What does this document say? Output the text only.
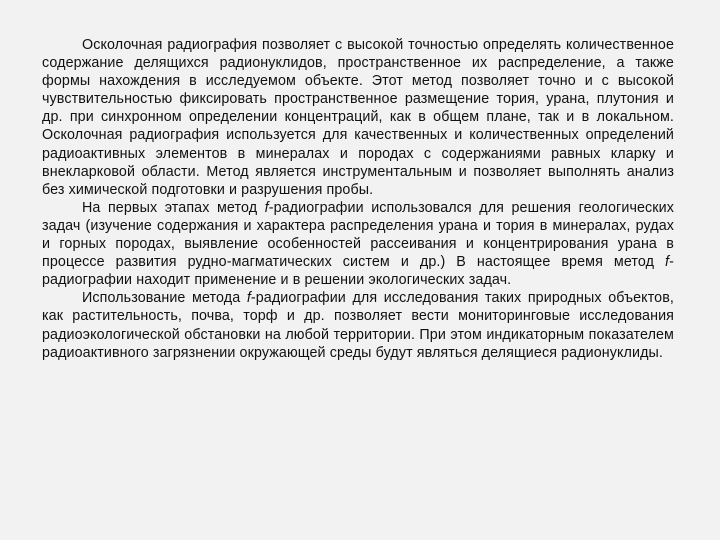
Осколочная радиография позволяет с высокой точностью определять количественное содержание делящихся радионуклидов, пространственное их распределение, а также формы нахождения в исследуемом объекте. Этот метод позволяет точно и с высокой чувствительностью фиксировать пространственное размещение тория, урана, плутония и др. при синхронном определении концентраций, как в общем плане, так и в локальном. Осколочная радиография используется для качественных и количественных определений радиоактивных элементов в минералах и породах с содержаниями равных кларку и внекларковой области. Метод является инструментальным и позволяет выполнять анализ без химической подготовки и разрушения пробы.

На первых этапах метод f-радиографии использовался для решения геологических задач (изучение содержания и характера распределения урана и тория в минералах, рудах и горных породах, выявление особенностей рассеивания и концентрирования урана в процессе развития рудно-магматических систем и др.) В настоящее время метод f-радиографии находит применение и в решении экологических задач.

Использование метода f-радиографии для исследования таких природных объектов, как растительность, почва, торф и др. позволяет вести мониторинговые исследования радиоэкологической обстановки на любой территории. При этом индикаторным показателем радиоактивного загрязнении окружающей среды будут являться делящиеся радионуклиды.
